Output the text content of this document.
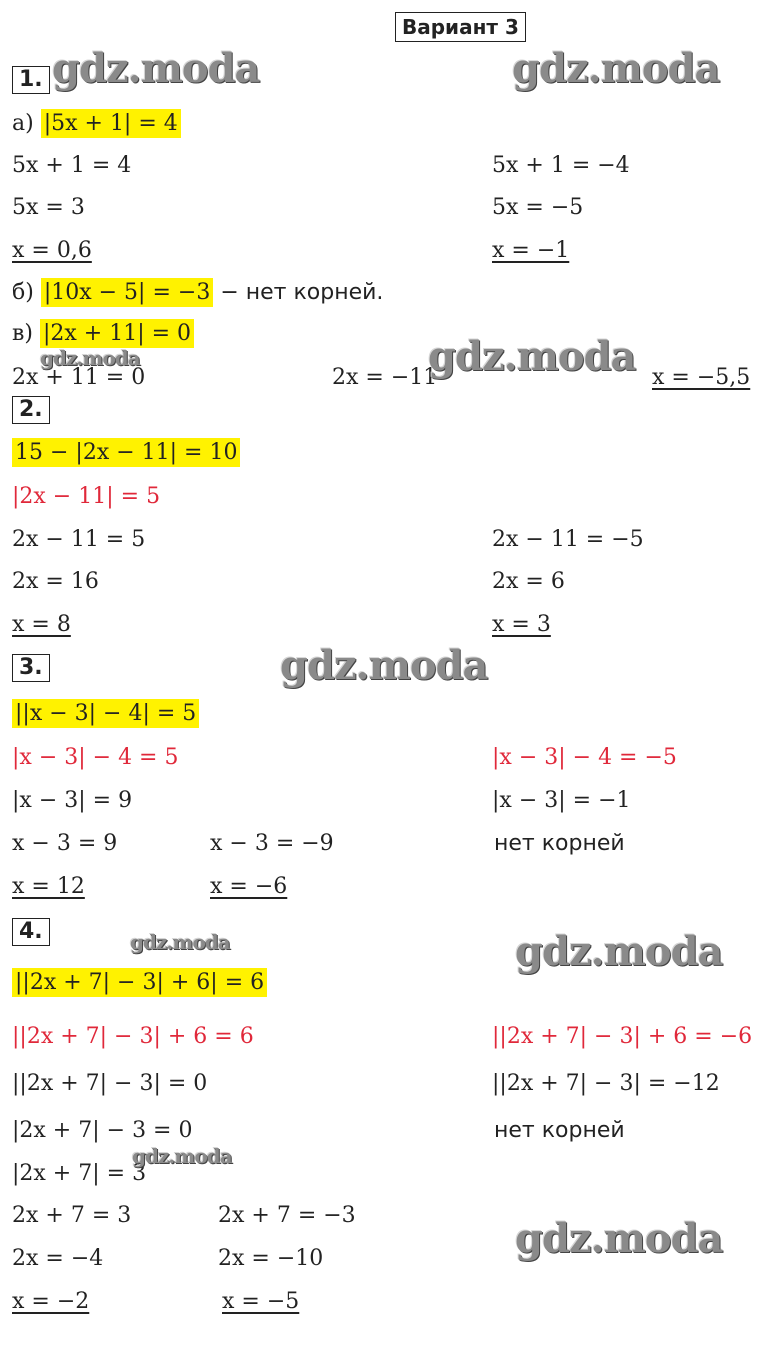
Вариант 3
gdz.moda	gdz.moda
gdz.moda	gdz.moda
gdz.moda
gdz.moda	gdz.moda
gdz.moda
gdz.moda
1.
а) |5x + 1| = 4
5x + 1 = 4
5x = 3
x = 0,6
5x + 1 = −4
5x = −5
x = −1
б) |10x − 5| = −3 − нет корней.
в) |2x + 11| = 0
2x + 11 = 0	2x = −11	x = −5,5
2.
15 − |2x − 11| = 10
|2x − 11| = 5
2x − 11 = 5
2x = 16
x = 8
2x − 11 = −5
2x = 6
x = 3
3.
||x − 3| − 4| = 5
|x − 3| − 4 = 5	|x − 3| − 4 = −5
|x − 3| = 9	|x − 3| = −1
x − 3 = 9	x − 3 = −9	нет корней
x = 12	x = −6
4.
||2x + 7| − 3| + 6| = 6
||2x + 7| − 3| + 6 = 6	||2x + 7| − 3| + 6 = −6
||2x + 7| − 3| = 0	||2x + 7| − 3| = −12
|2x + 7| − 3 = 0	нет корней
|2x + 7| = 3
2x + 7 = 3	2x + 7 = −3
2x = −4	2x = −10
x = −2	x = −5
